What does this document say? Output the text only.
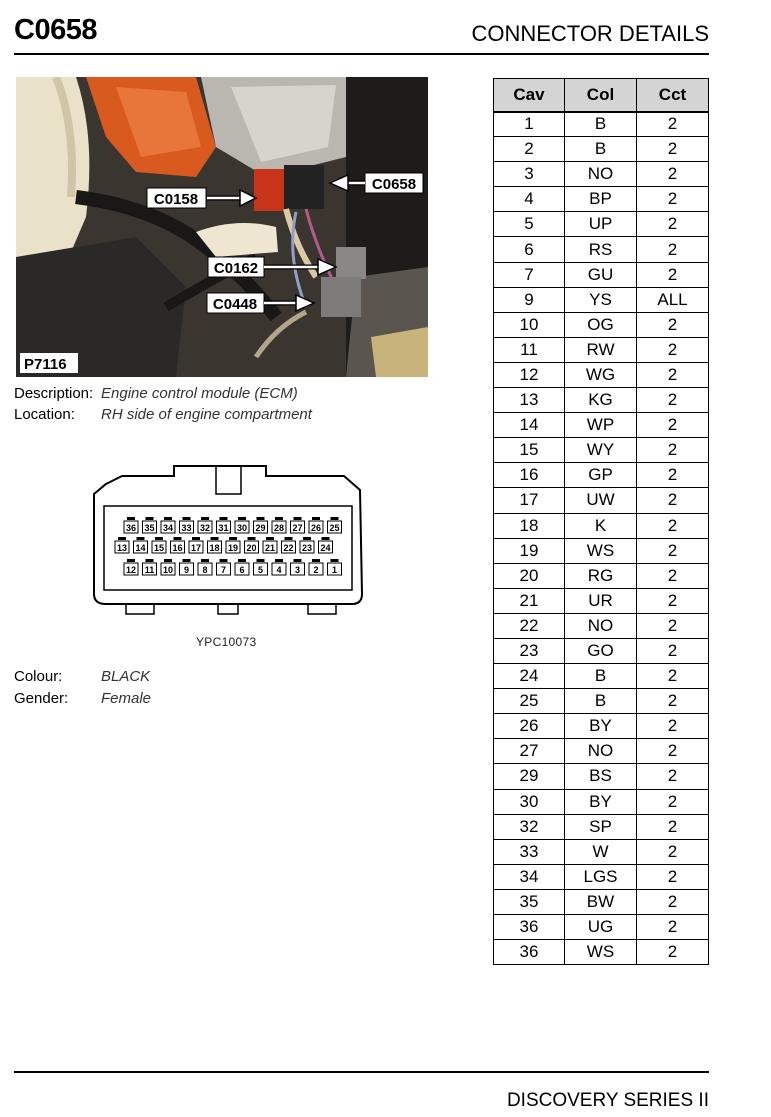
C0658	CONNECTOR DETAILS
C0158
C0658
C0162
C0448
P7116
Description: Engine control module (ECM)
Location: RH side of engine compartment
36 35 34 33 32 31 30 29 28 27 26 25
13 14 15 16 17 18 19 20 21 22 23 24
12 11 10 9 8 7 6 5 4 3 2 1
YPC10073
Colour:	BLACK
Gender: Female
Cav	Col	Cct
1	B	2
2	B	2
3	NO	2
4	BP	2
5	UP	2
6	RS	2
7	GU	2
9	YS	ALL
10	OG	2
11	RW	2
12	WG	2
13	KG	2
14	WP	2
15	WY	2
16	GP	2
17	UW	2
18	K	2
19	WS	2
20	RG	2
21	UR	2
22	NO	2
23	GO	2
24	B	2
25	B	2
26	BY	2
27	NO	2
29	BS	2
30	BY	2
32	SP	2
33	W	2
34	LGS	2
35	BW	2
36	UG	2
36	WS	2
DISCOVERY SERIES II
